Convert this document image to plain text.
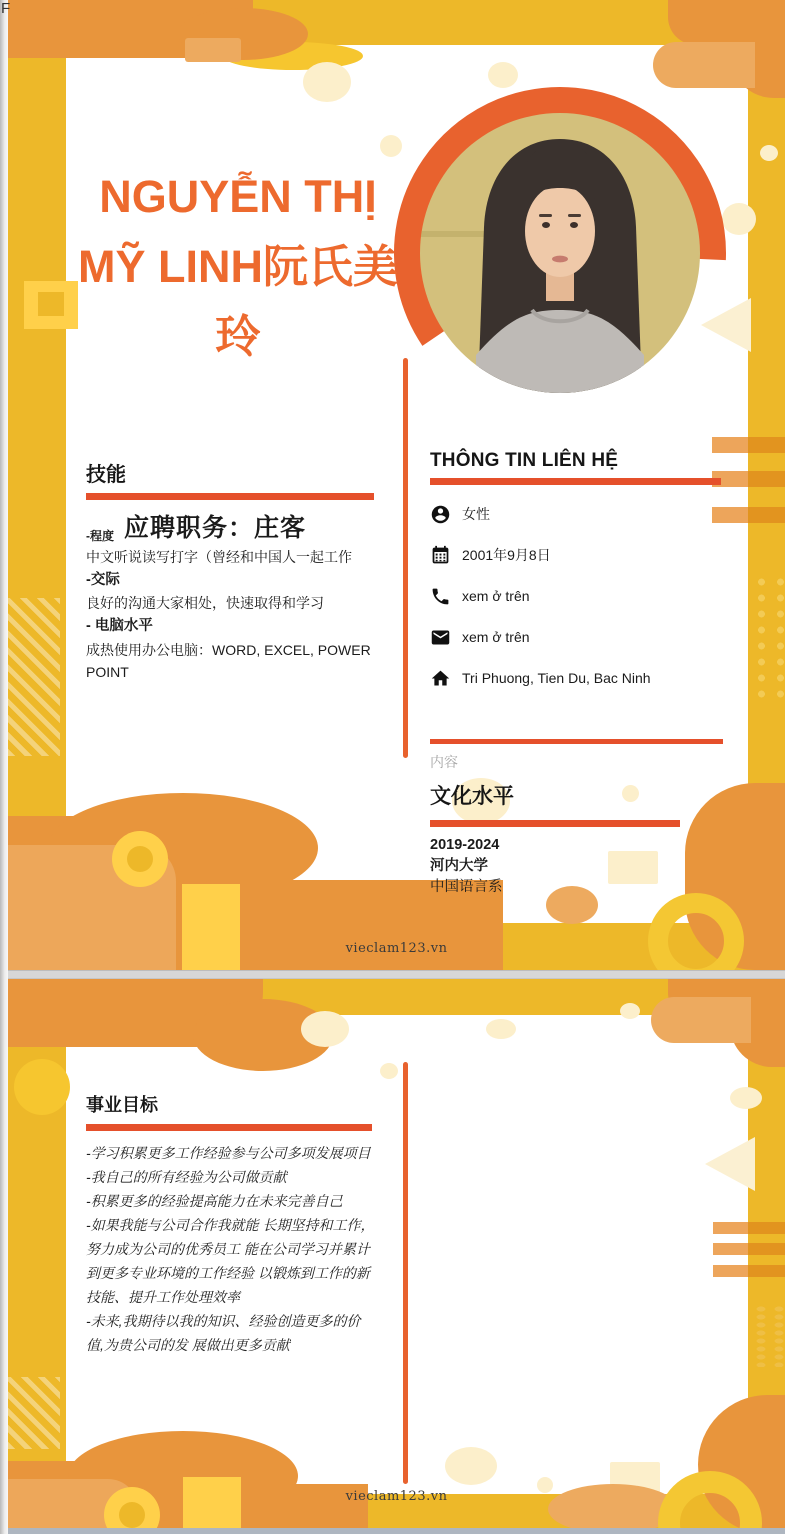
F
NGUYỄN THỊ MỸ LINH阮氏美玲
技能
-程度 应聘职务：庄客
中文听说读写打字（曾经和中国人一起工作
-交际
良好的沟通大家相处，快速取得和学习
- 电脑水平
成热使用办公电脑：WORD, EXCEL, POWER POINT
THÔNG TIN LIÊN HỆ
女性
2001年9月8日
xem ở trên
xem ở trên
Tri Phuong, Tien Du, Bac Ninh
内容
文化水平
2019-2024
河内大学
中国语言系
vieclam123.vn
事业目标

-学习积累更多工作经验参与公司多项发展项目

-我自己的所有经验为公司做贡献

-积累更多的经验提高能力在未来完善自己

-如果我能与公司合作我就能 长期坚持和工作，努力成为公司的优秀员工 能在公司学习并累计到更多专业环境的工作经验 以锻炼到工作的新技能、提升工作处理效率

-未来,我期待以我的知识、经验创造更多的价值,为贵公司的发 展做出更多贡献

vieclam123.vn
